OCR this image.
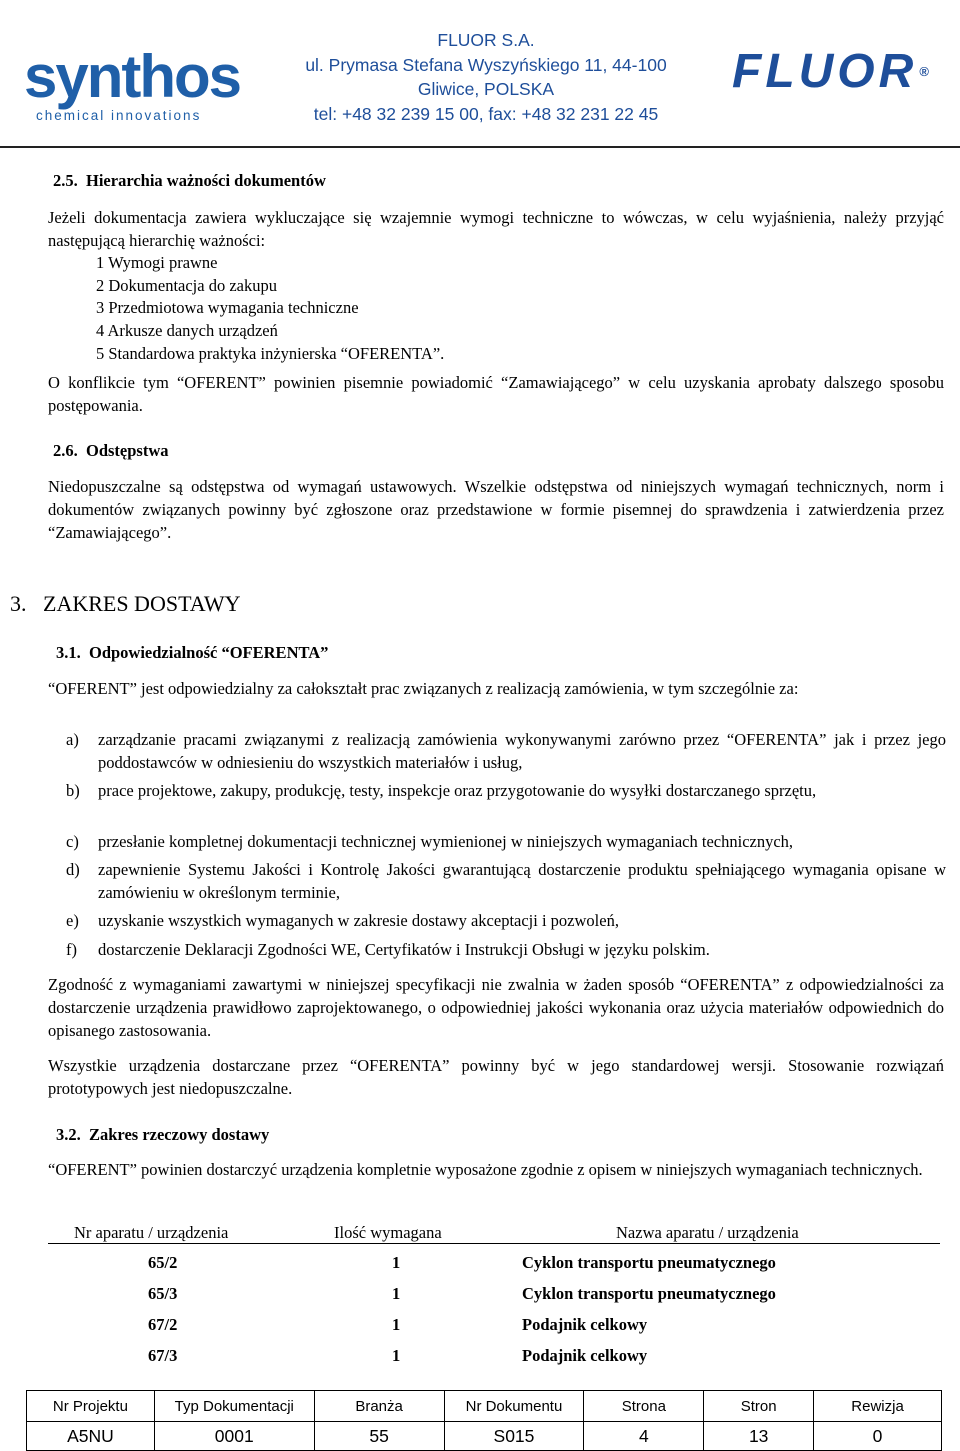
synthos
chemical innovations
FLUOR S.A.
ul. Prymasa Stefana Wyszyńskiego 11, 44-100
Gliwice, POLSKA
tel: +48 32 239 15 00, fax: +48 32 231 22 45
FLUOR ®
2.5. Hierarchia ważności dokumentów
Jeżeli dokumentacja zawiera wykluczające się wzajemnie wymogi techniczne to wówczas, w celu wyjaśnienia, należy przyjąć następującą hierarchię ważności:
1 Wymogi prawne
2 Dokumentacja do zakupu
3 Przedmiotowa wymagania techniczne
4 Arkusze danych urządzeń
5 Standardowa praktyka inżynierska “OFERENTA”.
O konflikcie tym “OFERENT” powinien pisemnie powiadomić “Zamawiającego” w celu uzyskania aprobaty dalszego sposobu postępowania.
2.6. Odstępstwa
Niedopuszczalne są odstępstwa od wymagań ustawowych. Wszelkie odstępstwa od niniejszych wymagań technicznych, norm i dokumentów związanych powinny być zgłoszone oraz przedstawione w formie pisemnej do sprawdzenia i zatwierdzenia przez “Zamawiającego”.
3. ZAKRES DOSTAWY
3.1. Odpowiedzialność “OFERENTA”
“OFERENT” jest odpowiedzialny za całokształt prac związanych z realizacją zamówienia, w tym szczególnie za:
a) zarządzanie pracami związanymi z realizacją zamówienia wykonywanymi zarówno przez “OFERENTA” jak i przez jego poddostawców w odniesieniu do wszystkich materiałów i usług,
b) prace projektowe, zakupy, produkcję, testy, inspekcje oraz przygotowanie do wysyłki dostarczanego sprzętu,
c) przesłanie kompletnej dokumentacji technicznej wymienionej w niniejszych wymaganiach technicznych,
d) zapewnienie Systemu Jakości i Kontrolę Jakości gwarantującą dostarczenie produktu spełniającego wymagania opisane w zamówieniu w określonym terminie,
e) uzyskanie wszystkich wymaganych w zakresie dostawy akceptacji i pozwoleń,
f) dostarczenie Deklaracji Zgodności WE, Certyfikatów i Instrukcji Obsługi w języku polskim.
Zgodność z wymaganiami zawartymi w niniejszej specyfikacji nie zwalnia w żaden sposób “OFERENTA” z odpowiedzialności za dostarczenie urządzenia prawidłowo zaprojektowanego, o odpowiedniej jakości wykonania oraz użycia materiałów odpowiednich do opisanego zastosowania.
Wszystkie urządzenia dostarczane przez “OFERENTA” powinny być w jego standardowej wersji. Stosowanie rozwiązań prototypowych jest niedopuszczalne.
3.2. Zakres rzeczowy dostawy
“OFERENT” powinien dostarczyć urządzenia kompletnie wyposażone zgodnie z opisem w niniejszych wymaganiach technicznych.
Nr aparatu / urządzenia	Ilość wymagana	Nazwa aparatu / urządzenia
65/2	1	Cyklon transportu pneumatycznego
65/3	1	Cyklon transportu pneumatycznego
67/2	1	Podajnik celkowy
67/3	1	Podajnik celkowy
Nr Projektu	Typ Dokumentacji	Branża	Nr Dokumentu	Strona	Stron	Rewizja
A5NU	0001	55	S015	4	13	0
